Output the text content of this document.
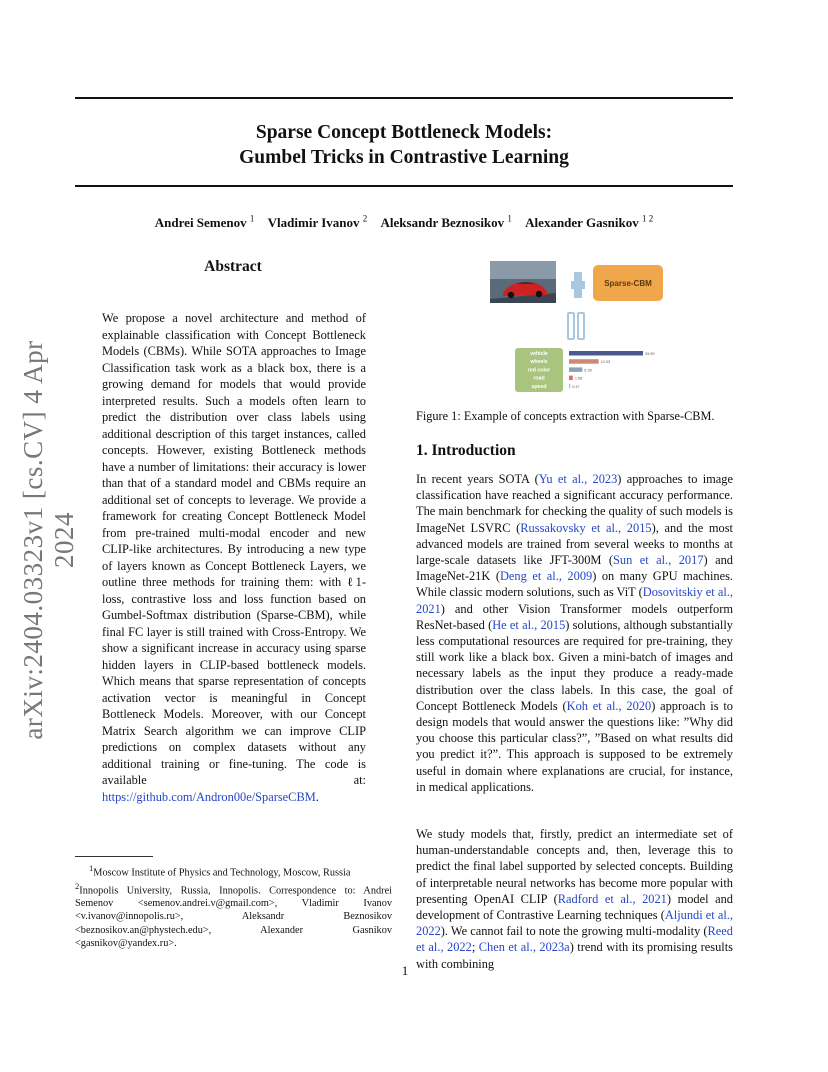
arXiv:2404.03323v1 [cs.CV] 4 Apr 2024
Sparse Concept Bottleneck Models:
Gumbel Tricks in Contrastive Learning
Andrei Semenov $^1$ Vladimir Ivanov $^2$ Aleksandr Beznosikov $^1$ Alexander Gasnikov $^{1 2}$
Abstract
We propose a novel architecture and method of explainable classification with Concept Bottleneck Models (CBMs). While SOTA approaches to Image Classification task work as a black box, there is a growing demand for models that would provide interpreted results. Such a models often learn to predict the distribution over class labels using additional description of this target instances, called concepts. However, existing Bottleneck methods have a number of limitations: their accuracy is lower than that of a standard model and CBMs require an additional set of concepts to leverage. We provide a framework for creating Concept Bottleneck Model from pre-trained multi-modal encoder and new CLIP-like architectures. By introducing a new type of layers known as Concept Bottleneck Layers, we outline three methods for training them: with ℓ1-loss, contrastive loss and loss function based on Gumbel-Softmax distribution (Sparse-CBM), while final FC layer is still trained with Cross-Entropy. We show a significant increase in accuracy using sparse hidden layers in CLIP-based bottleneck models. Which means that sparse representation of concepts activation vector is meaningful in Concept Bottleneck Models. Moreover, with our Concept Matrix Search algorithm we can improve CLIP predictions on complex datasets without any additional training or fine-tuning. The code is available at: https://github.com/Andron00e/SparseCBM.
$^1$Moscow Institute of Physics and Technology, Moscow, Russia
$^2$Innopolis University, Russia, Innopolis. Correspondence to: Andrei Semenov <semenov.andrei.v@gmail.com>, Vladimir Ivanov <v.ivanov@innopolis.ru>, Aleksandr Beznosikov <beznosikov.an@phystech.edu>, Alexander Gasnikov <gasnikov@yandex.ru>.
Sparse-CBM
vehicle	29.99
wheels	12.03
red color	5.39
road	1.56
speed	0.47
Figure 1: Example of concepts extraction with Sparse-CBM.
1. Introduction
In recent years SOTA (Yu et al., 2023) approaches to image classification have reached a significant accuracy performance. The main benchmark for checking the quality of such models is ImageNet LSVRC (Russakovsky et al., 2015), and the most advanced models are trained from several weeks to months at large-scale datasets like JFT-300M (Sun et al., 2017) and ImageNet-21K (Deng et al., 2009) on many GPU machines. While classic modern solutions, such as ViT (Dosovitskiy et al., 2021) and other Vision Transformer models outperform ResNet-based (He et al., 2015) solutions, although substantially less computational resources are required for pre-training, they still work like a black box. Given a mini-batch of images and necessary labels as the input they produce a ready-made distribution over the class labels. In this case, the goal of Concept Bottleneck Models (Koh et al., 2020) approach is to design models that would answer the questions like: ”Why did you choose this particular class?”, ”Based on what results did you predict it?”. This approach is supposed to be extremely useful in domain where explanations are crucial, for instance, in medical applications.
We study models that, firstly, predict an intermediate set of human-understandable concepts and, then, leverage this to predict the final label supported by selected concepts. Building of interpretable neural networks has become more popular with presenting OpenAI CLIP (Radford et al., 2021) model and development of Contrastive Learning techniques (Aljundi et al., 2022). We cannot fail to note the growing multi-modality (Reed et al., 2022; Chen et al., 2023a) trend with its promising results with combining
1
